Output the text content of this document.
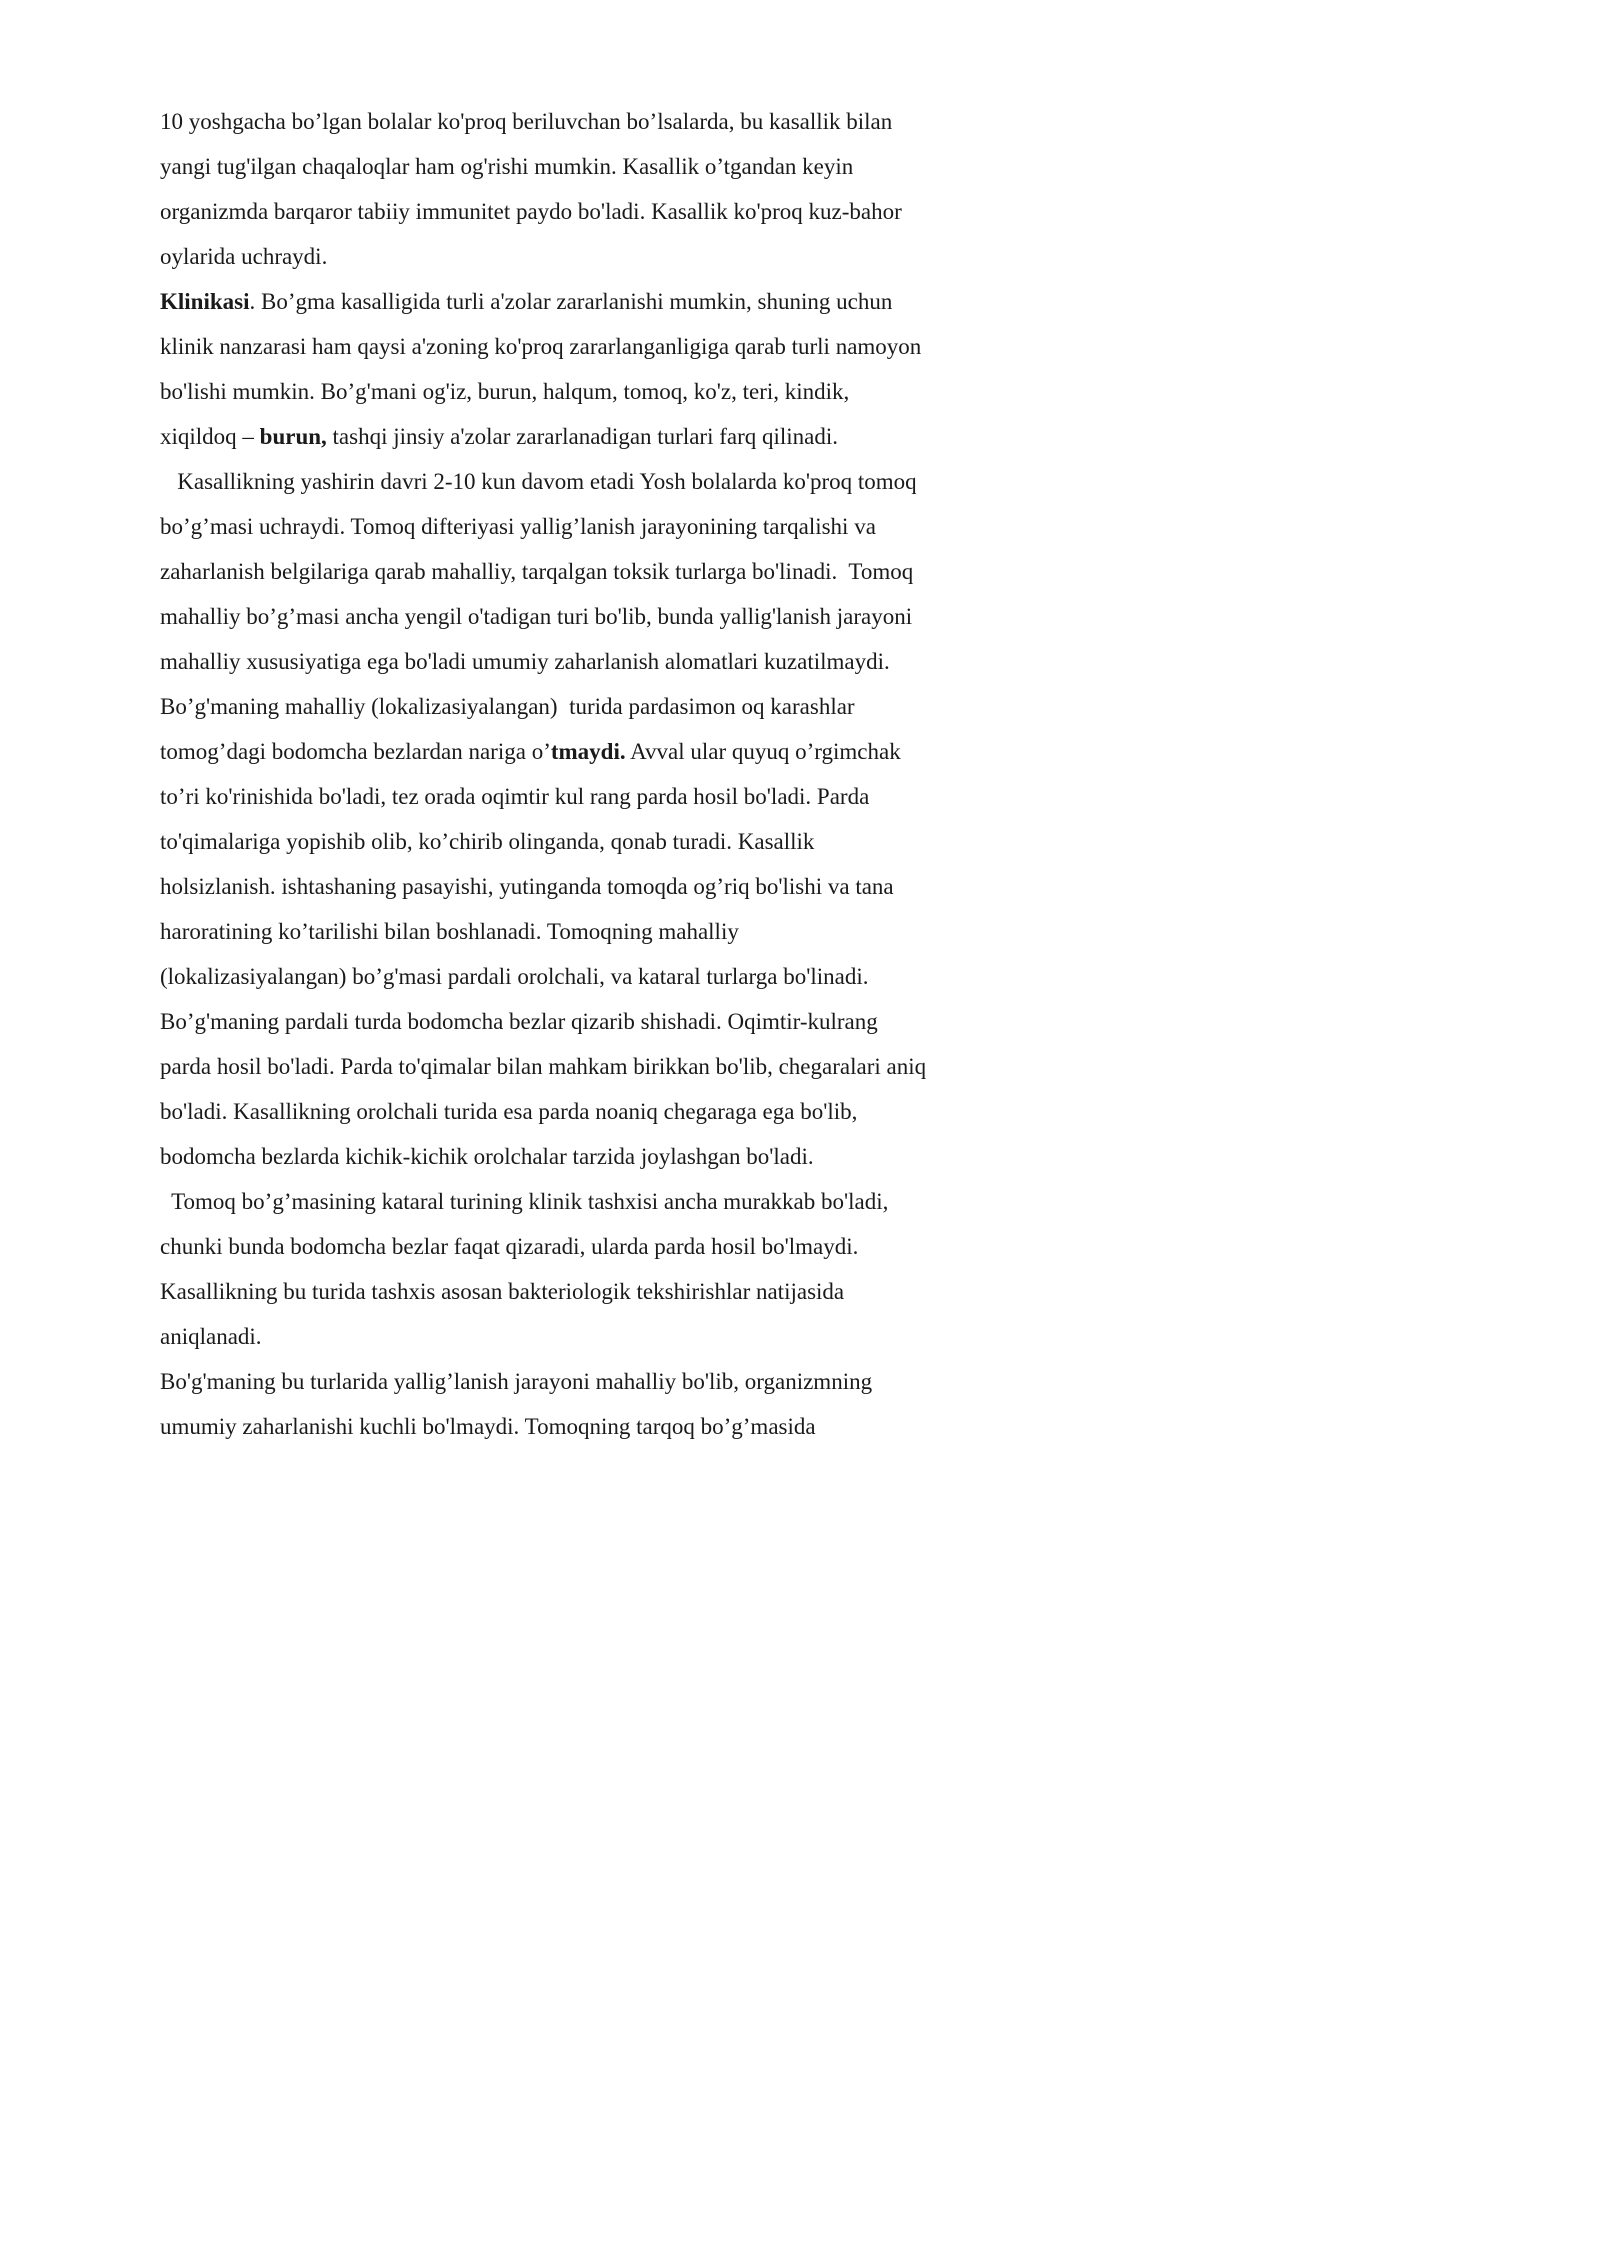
10 yoshgacha bo’lgan bolalar ko'proq beriluvchan bo’lsalarda, bu kasallik bilan
yangi tug'ilgan chaqaloqlar ham og'rishi mumkin. Kasallik o’tgandan keyin
organizmda barqaror tabiiy immunitet paydo bo'ladi. Kasallik ko'proq kuz-bahor
oylarida uchraydi.
Klinikasi. Bo’gma kasalligida turli a'zolar zararlanishi mumkin, shuning uchun
klinik nanzarasi ham qaysi a'zoning ko'proq zararlanganligiga qarab turli namoyon
bo'lishi mumkin. Bo’g'mani og'iz, burun, halqum, tomoq, ko'z, teri, kindik,
xiqildoq – burun, tashqi jinsiy a'zolar zararlanadigan turlari farq qilinadi.
Kasallikning yashirin davri 2-10 kun davom etadi Yosh bolalarda ko'proq tomoq
bo’g’masi uchraydi. Tomoq difteriyasi yallig’lanish jarayonining tarqalishi va
zaharlanish belgilariga qarab mahalliy, tarqalgan toksik turlarga bo'linadi.  Tomoq
mahalliy bo’g’masi ancha yengil o'tadigan turi bo'lib, bunda yallig'lanish jarayoni
mahalliy xususiyatiga ega bo'ladi umumiy zaharlanish alomatlari kuzatilmaydi.
Bo’g'maning mahalliy (lokalizasiyalangan)  turida pardasimon oq karashlar
tomog’dagi bodomcha bezlardan nariga o’tmaydi. Avval ular quyuq o’rgimchak
to’ri ko'rinishida bo'ladi, tez orada oqimtir kul rang parda hosil bo'ladi. Parda
to'qimalariga yopishib olib, ko’chirib olinganda, qonab turadi. Kasallik
holsizlanish. ishtashaning pasayishi, yutinganda tomoqda og’riq bo'lishi va tana
haroratining ko’tarilishi bilan boshlanadi. Tomoqning mahalliy
(lokalizasiyalangan) bo’g'masi pardali orolchali, va kataral turlarga bo'linadi.
Bo’g'maning pardali turda bodomcha bezlar qizarib shishadi. Oqimtir-kulrang
parda hosil bo'ladi. Parda to'qimalar bilan mahkam birikkan bo'lib, chegaralari aniq
bo'ladi. Kasallikning orolchali turida esa parda noaniq chegaraga ega bo'lib,
bodomcha bezlarda kichik-kichik orolchalar tarzida joylashgan bo'ladi.
Tomoq bo’g’masining kataral turining klinik tashxisi ancha murakkab bo'ladi,
chunki bunda bodomcha bezlar faqat qizaradi, ularda parda hosil bo'lmaydi.
Kasallikning bu turida tashxis asosan bakteriologik tekshirishlar natijasida
aniqlanadi.
Bo'g'maning bu turlarida yallig’lanish jarayoni mahalliy bo'lib, organizmning
umumiy zaharlanishi kuchli bo'lmaydi. Tomoqning tarqoq bo’g’masida
